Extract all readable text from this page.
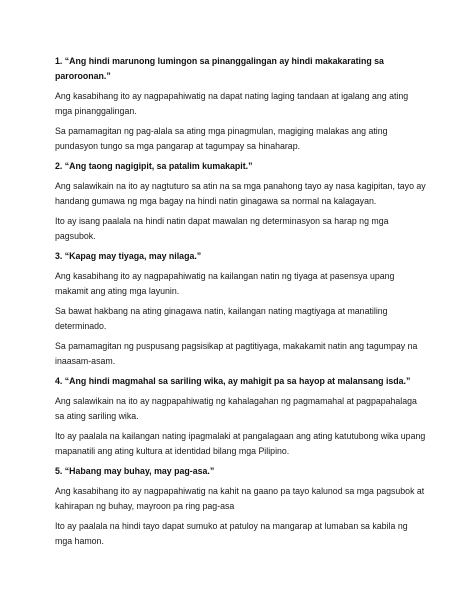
1. “Ang hindi marunong lumingon sa pinanggalingan ay hindi makakarating sa paroroonan.”

Ang kasabihang ito ay nagpapahiwatig na dapat nating laging tandaan at igalang ang ating mga pinanggalingan.

Sa pamamagitan ng pag-alala sa ating mga pinagmulan, magiging malakas ang ating pundasyon tungo sa mga pangarap at tagumpay sa hinaharap.

2. “Ang taong nagigipit, sa patalim kumakapit.”

Ang salawikain na ito ay nagtuturo sa atin na sa mga panahong tayo ay nasa kagipitan, tayo ay handang gumawa ng mga bagay na hindi natin ginagawa sa normal na kalagayan.

Ito ay isang paalala na hindi natin dapat mawalan ng determinasyon sa harap ng mga pagsubok.

3. “Kapag may tiyaga, may nilaga.”

Ang kasabihang ito ay nagpapahiwatig na kailangan natin ng tiyaga at pasensya upang makamit ang ating mga layunin.

Sa bawat hakbang na ating ginagawa natin, kailangan nating magtiyaga at manatiling determinado.

Sa pamamagitan ng puspusang pagsisikap at pagtitiyaga, makakamit natin ang tagumpay na inaasam-asam.

4. “Ang hindi magmahal sa sariling wika, ay mahigit pa sa hayop at malansang isda.”

Ang salawikain na ito ay nagpapahiwatig ng kahalagahan ng pagmamahal at pagpapahalaga sa ating sariling wika.

Ito ay paalala na kailangan nating ipagmalaki at pangalagaan ang ating katutubong wika upang mapanatili ang ating kultura at identidad bilang mga Pilipino.

5. “Habang may buhay, may pag-asa.”

Ang kasabihang ito ay nagpapahiwatig na kahit na gaano pa tayo kalunod sa mga pagsubok at kahirapan ng buhay, mayroon pa ring pag-asa

Ito ay paalala na hindi tayo dapat sumuko at patuloy na mangarap at lumaban sa kabila ng mga hamon.
